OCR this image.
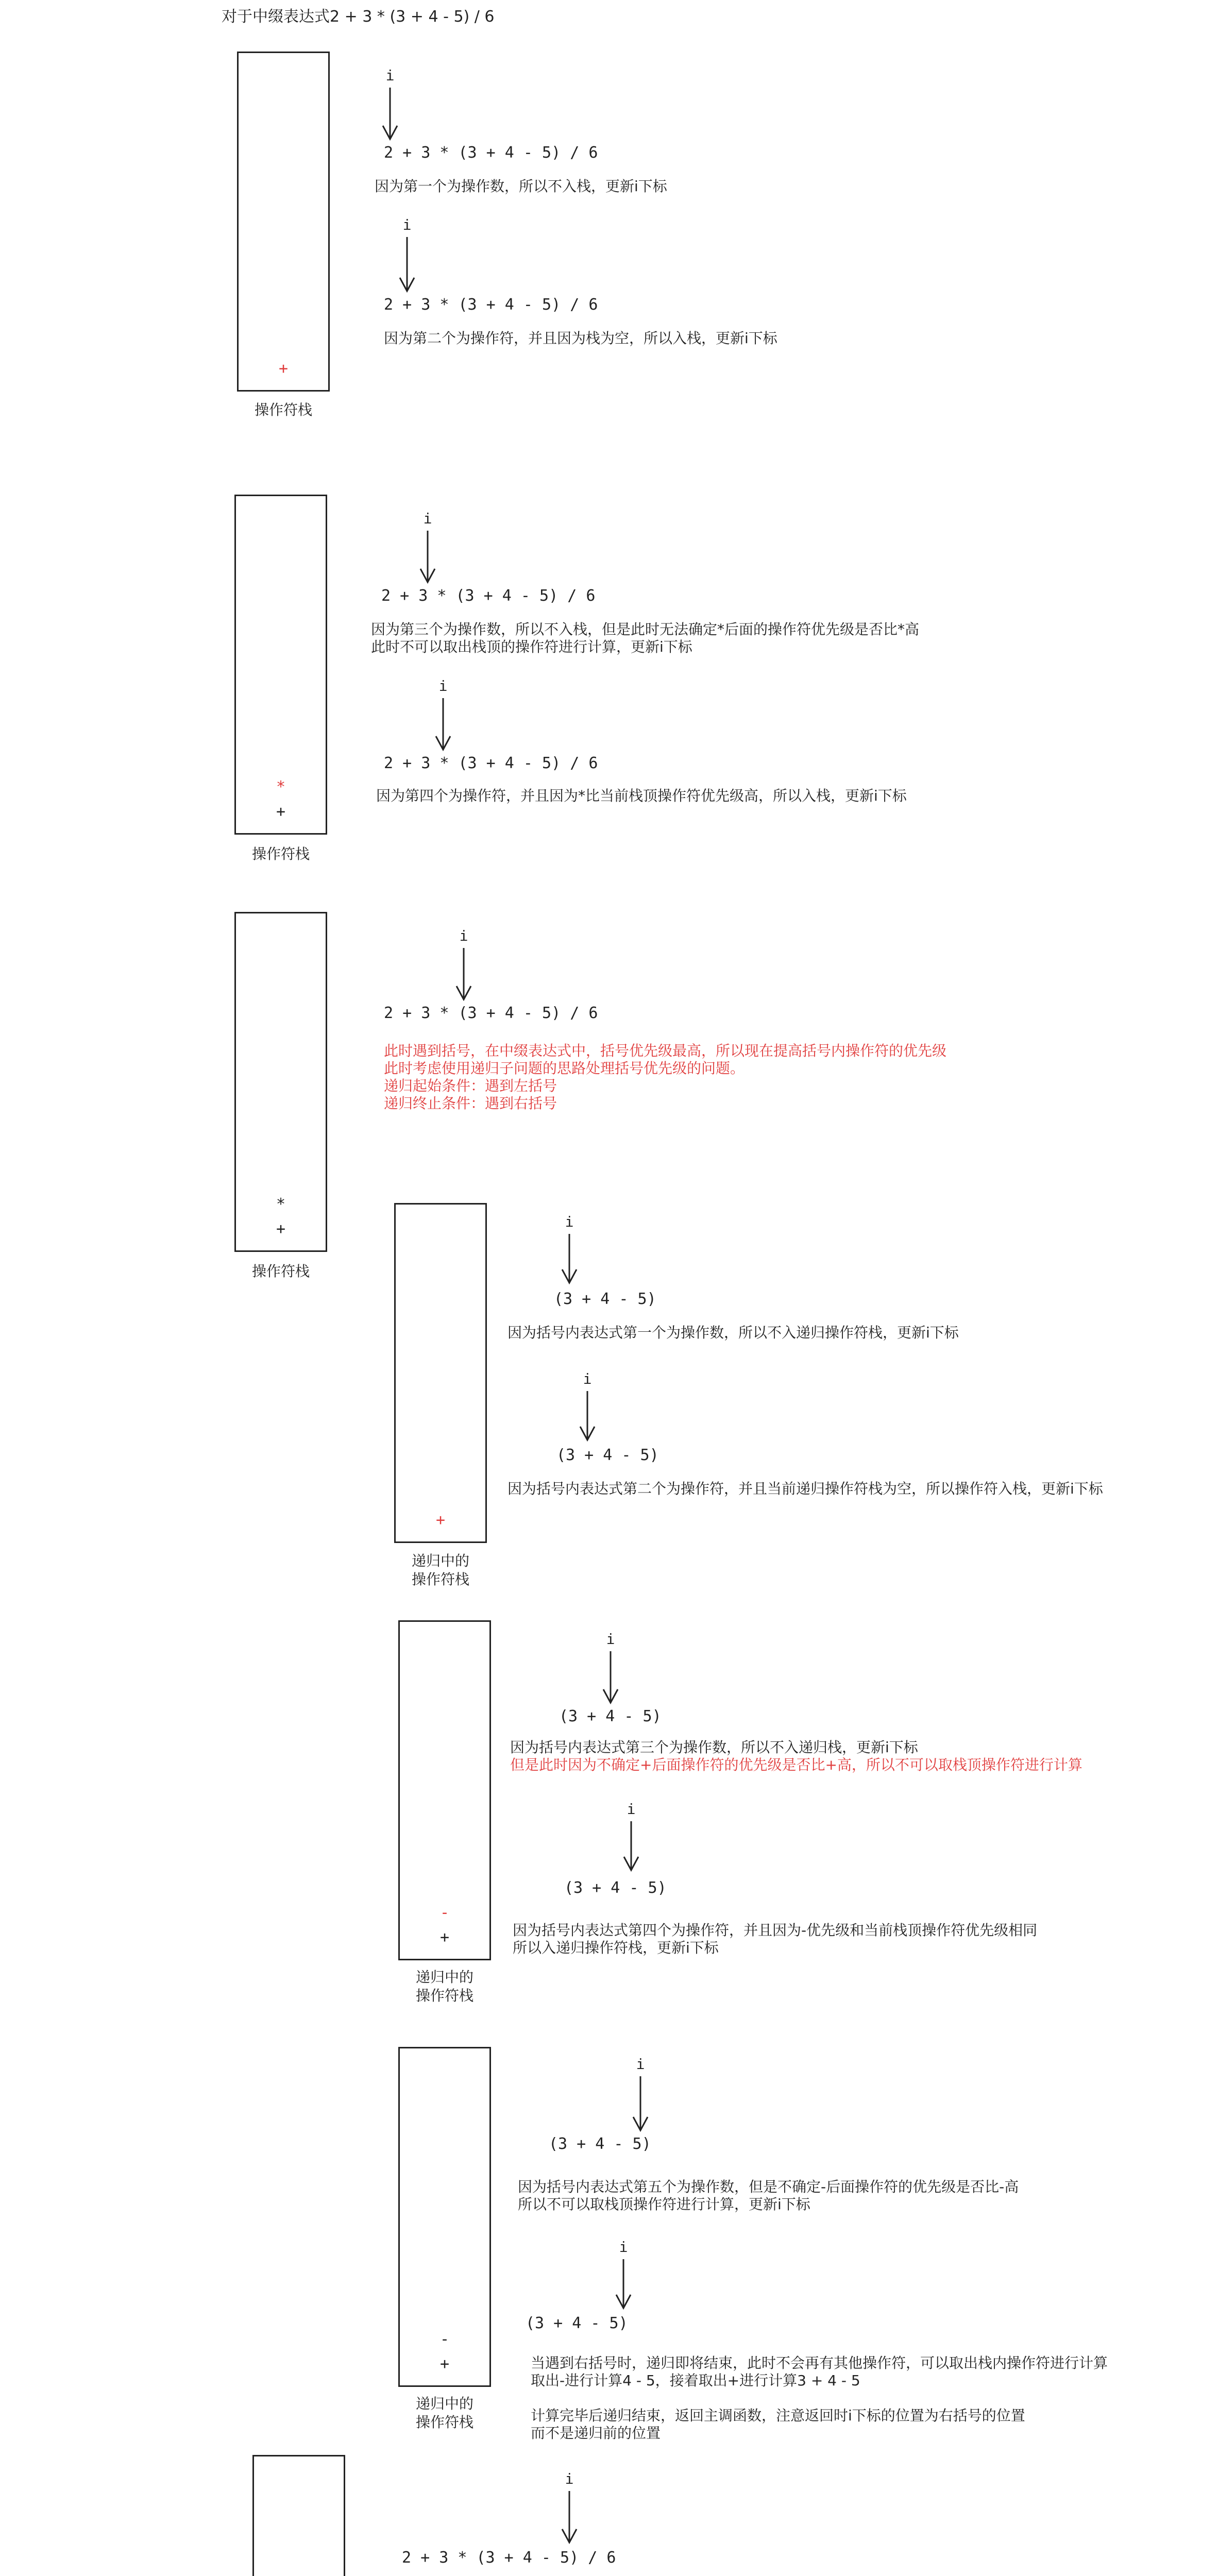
对于中缀表达式2 + 3 * (3 + 4 - 5) / 6
+
操作符栈
i
2 + 3 * (3 + 4 - 5) / 6
因为第一个为操作数，所以不入栈，更新i下标
i
2 + 3 * (3 + 4 - 5) / 6
因为第二个为操作符，并且因为栈为空，所以入栈，更新i下标
*
+
操作符栈
i
2 + 3 * (3 + 4 - 5) / 6
因为第三个为操作数，所以不入栈，但是此时无法确定*后面的操作符优先级是否比*高
此时不可以取出栈顶的操作符进行计算，更新i下标
i
2 + 3 * (3 + 4 - 5) / 6
因为第四个为操作符，并且因为*比当前栈顶操作符优先级高，所以入栈，更新i下标
*
+
操作符栈
i
2 + 3 * (3 + 4 - 5) / 6
此时遇到括号，在中缀表达式中，括号优先级最高，所以现在提高括号内操作符的优先级
此时考虑使用递归子问题的思路处理括号优先级的问题。
递归起始条件：遇到左括号
递归终止条件：遇到右括号
+
递归中的
操作符栈
i
(3 + 4 - 5)
因为括号内表达式第一个为操作数，所以不入递归操作符栈，更新i下标
i
(3 + 4 - 5)
因为括号内表达式第二个为操作符，并且当前递归操作符栈为空，所以操作符入栈，更新i下标
-
+
递归中的
操作符栈
i
(3 + 4 - 5)
因为括号内表达式第三个为操作数，所以不入递归栈，更新i下标
但是此时因为不确定+后面操作符的优先级是否比+高，所以不可以取栈顶操作符进行计算
i
(3 + 4 - 5)
因为括号内表达式第四个为操作符，并且因为-优先级和当前栈顶操作符优先级相同
所以入递归操作符栈，更新i下标
-
+
递归中的
操作符栈
i
(3 + 4 - 5)
因为括号内表达式第五个为操作数，但是不确定-后面操作符的优先级是否比-高
所以不可以取栈顶操作符进行计算，更新i下标
i
(3 + 4 - 5)
当遇到右括号时，递归即将结束，此时不会再有其他操作符，可以取出栈内操作符进行计算
取出-进行计算4 - 5，接着取出+进行计算3 + 4 - 5
计算完毕后递归结束，返回主调函数，注意返回时i下标的位置为右括号的位置
而不是递归前的位置
i
2 + 3 * (3 + 4 - 5) / 6
